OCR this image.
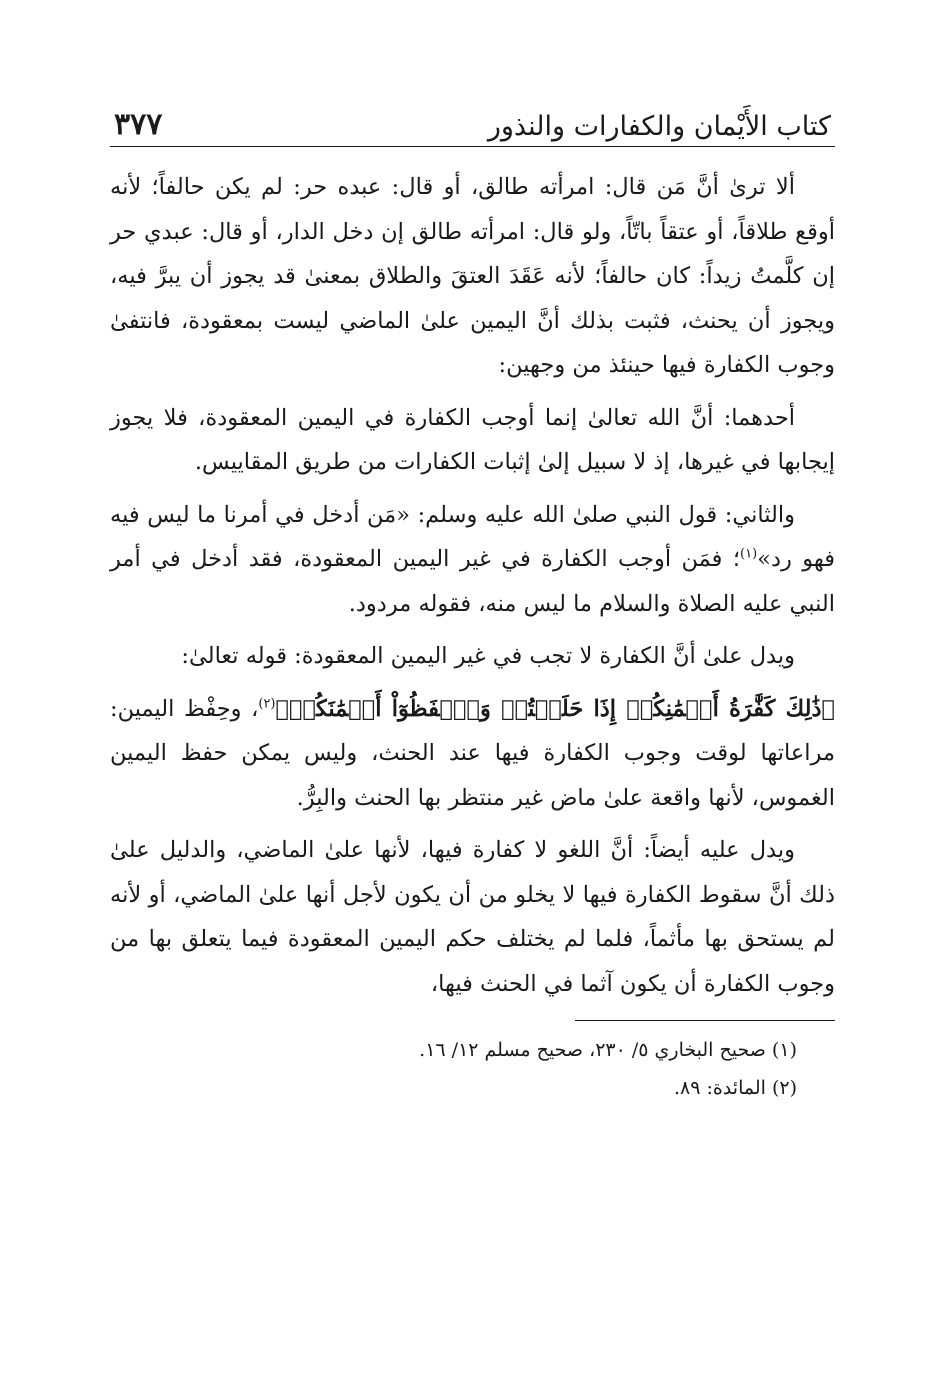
كتاب الأَيْمان والكفارات والنذور
٣٧٧

ألا ترىٰ أنَّ مَن قال: امرأته طالق، أو قال: عبده حر: لم يكن حالفاً؛ لأنه أوقع طلاقاً، أو عتقاً باتّاً، ولو قال: امرأته طالق إن دخل الدار، أو قال: عبدي حر إن كلَّمتُ زيداً: كان حالفاً؛ لأنه عَقَدَ العتقَ والطلاق بمعنىٰ قد يجوز أن يبرَّ فيه، ويجوز أن يحنث، فثبت بذلك أنَّ اليمين علىٰ الماضي ليست بمعقودة، فانتفىٰ وجوب الكفارة فيها حينئذ من وجهين:

أحدهما: أنَّ الله تعالىٰ إنما أوجب الكفارة في اليمين المعقودة، فلا يجوز إيجابها في غيرها، إذ لا سبيل إلىٰ إثبات الكفارات من طريق المقاييس.

والثاني: قول النبي صلىٰ الله عليه وسلم: «مَن أدخل في أمرنا ما ليس فيه فهو رد»$^{(١)}$؛ فمَن أوجب الكفارة في غير اليمين المعقودة، فقد أدخل في أمر النبي عليه الصلاة والسلام ما ليس منه، فقوله مردود.

ويدل علىٰ أنَّ الكفارة لا تجب في غير اليمين المعقودة: قوله تعالىٰ:

﴿ذَٰلِكَ كَفَّٰرَةُ أَيۡمَٰنِكُمۡ إِذَا حَلَفۡتُمۡ وَٱحۡفَظُوٓاْ أَيۡمَٰنَكُمۡ﴾$^{(٢)}$، وحِفْظ اليمين: مراعاتها لوقت وجوب الكفارة فيها عند الحنث، وليس يمكن حفظ اليمين الغموس، لأنها واقعة علىٰ ماض غير منتظر بها الحنث والبِرُّ.

ويدل عليه أيضاً: أنَّ اللغو لا كفارة فيها، لأنها علىٰ الماضي، والدليل علىٰ ذلك أنَّ سقوط الكفارة فيها لا يخلو من أن يكون لأجل أنها علىٰ الماضي، أو لأنه لم يستحق بها مأثماً، فلما لم يختلف حكم اليمين المعقودة فيما يتعلق بها من وجوب الكفارة أن يكون آثما في الحنث فيها،

(١) صحيح البخاري ٥/ ٢٣٠، صحيح مسلم ١٢/ ١٦.
(٢) المائدة: ٨٩.
